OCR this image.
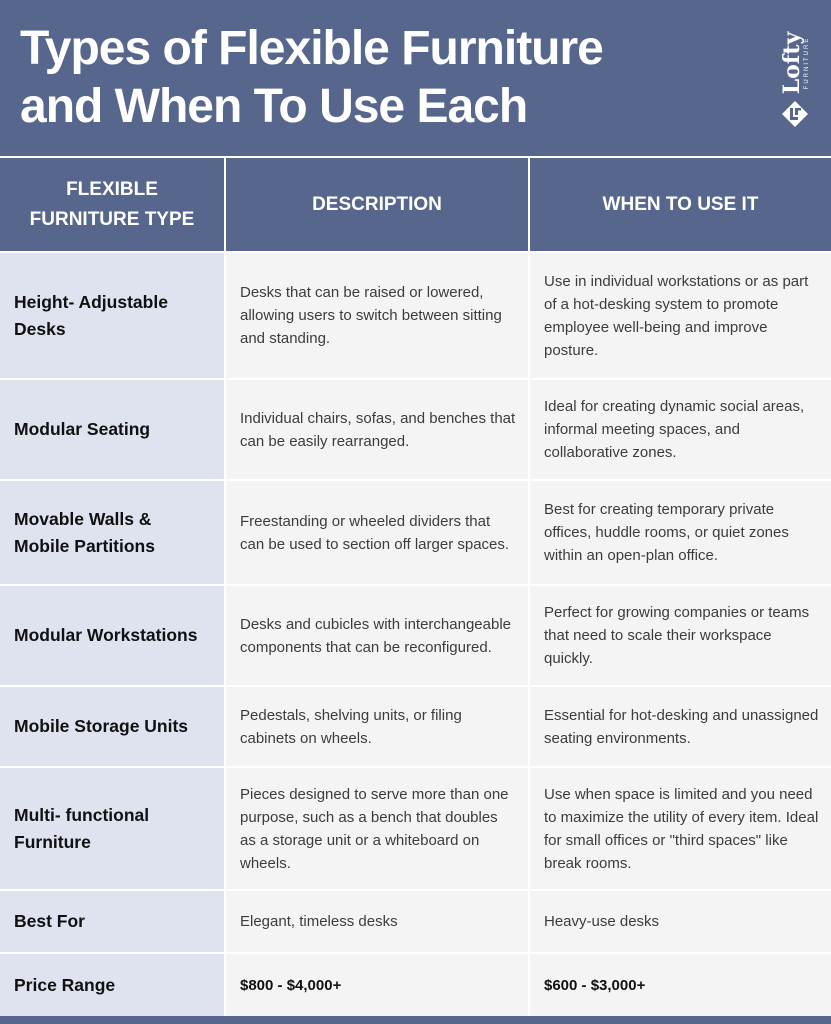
Types of Flexible Furniture
and When To Use Each
Lofty FURNITURE
FLEXIBLE
FURNITURE TYPE	DESCRIPTION	WHEN TO USE IT
Height- Adjustable Desks	Desks that can be raised or lowered, allowing users to switch between sitting and standing.	Use in individual workstations or as part of a hot-desking system to promote employee well-being and improve posture.
Modular Seating	Individual chairs, sofas, and benches that can be easily rearranged.	Ideal for creating dynamic social areas, informal meeting spaces, and collaborative zones.
Movable Walls & Mobile Partitions	Freestanding or wheeled dividers that can be used to section off larger spaces.	Best for creating temporary private offices, huddle rooms, or quiet zones within an open-plan office.
Modular Workstations	Desks and cubicles with interchangeable components that can be reconfigured.	Perfect for growing companies or teams that need to scale their workspace quickly.
Mobile Storage Units	Pedestals, shelving units, or filing cabinets on wheels.	Essential for hot-desking and unassigned seating environments.
Multi- functional Furniture	Pieces designed to serve more than one purpose, such as a bench that doubles as a storage unit or a whiteboard on wheels.	Use when space is limited and you need to maximize the utility of every item. Ideal for small offices or "third spaces" like break rooms.
Best For	Elegant, timeless desks	Heavy-use desks
Price Range	$800 - $4,000+	$600 - $3,000+
